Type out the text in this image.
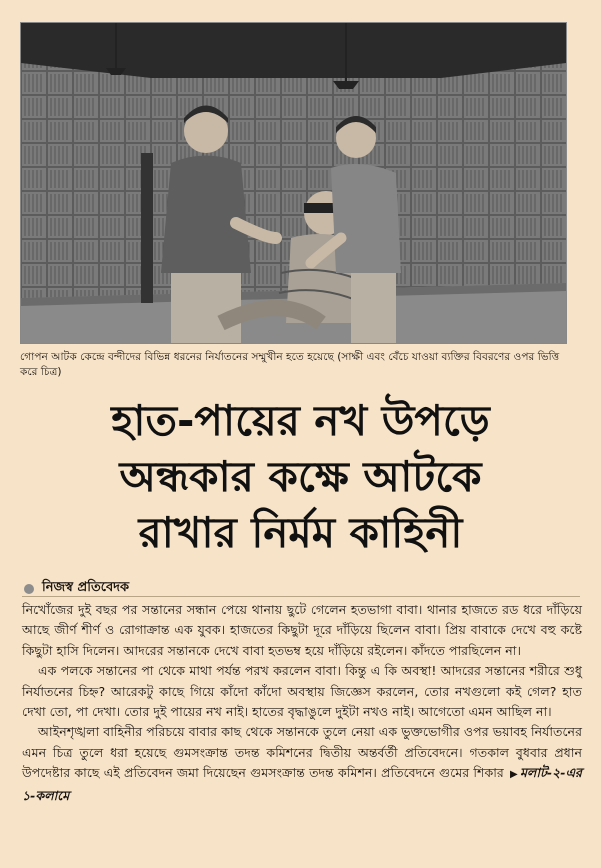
গোপন আটক কেন্দ্রে বন্দীদের বিভিন্ন ধরনের নির্যাতনের সম্মুখীন হতে হয়েছে (সাক্ষী এবং বেঁচে যাওয়া ব্যক্তির বিবরণের ওপর ভিত্তি করে চিত্র)
হাত-পায়ের নখ উপড়ে
অন্ধকার কক্ষে আটকে
রাখার নির্মম কাহিনী
নিজস্ব প্রতিবেদক

নিখোঁজের দুই বছর পর সন্তানের সন্ধান পেয়ে থানায় ছুটে গেলেন হতভাগা বাবা। থানার হাজতে রড ধরে দাঁড়িয়ে আছে জীর্ণ শীর্ণ ও রোগাক্রান্ত এক যুবক। হাজতের কিছুটা দূরে দাঁড়িয়ে ছিলেন বাবা। প্রিয় বাবাকে দেখে বহু কষ্টে কিছুটা হাসি দিলেন। আদরের সন্তানকে দেখে বাবা হতভম্ব হয়ে দাঁড়িয়ে রইলেন। কাঁদতে পারছিলেন না।

এক পলকে সন্তানের পা থেকে মাথা পর্যন্ত পরখ করলেন বাবা। কিন্তু এ কি অবস্থা! আদরের সন্তানের শরীরে শুধু নির্যাতনের চিহ্ন? আরেকটু কাছে গিয়ে কাঁদো কাঁদো অবস্থায় জিজ্ঞেস করলেন, তোর নখগুলো কই গেল? হাত দেখা তো, পা দেখা। তোর দুই পায়ের নখ নাই। হাতের বৃদ্ধাঙুলে দুইটা নখও নাই। আগেতো এমন আছিল না।

আইনশৃঙ্খলা বাহিনীর পরিচয়ে বাবার কাছ থেকে সন্তানকে তুলে নেয়া এক ভুক্তভোগীর ওপর ভয়াবহ নির্যাতনের এমন চিত্র তুলে ধরা হয়েছে গুমসংক্রান্ত তদন্ত কমিশনের দ্বিতীয় অন্তর্বর্তী প্রতিবেদনে। গতকাল বুধবার প্রধান উপদেষ্টার কাছে এই প্রতিবেদন জমা দিয়েছেন গুমসংক্রান্ত তদন্ত কমিশন। প্রতিবেদনে গুমের শিকার ▶ মলাট-২-এর ১-কলামে
